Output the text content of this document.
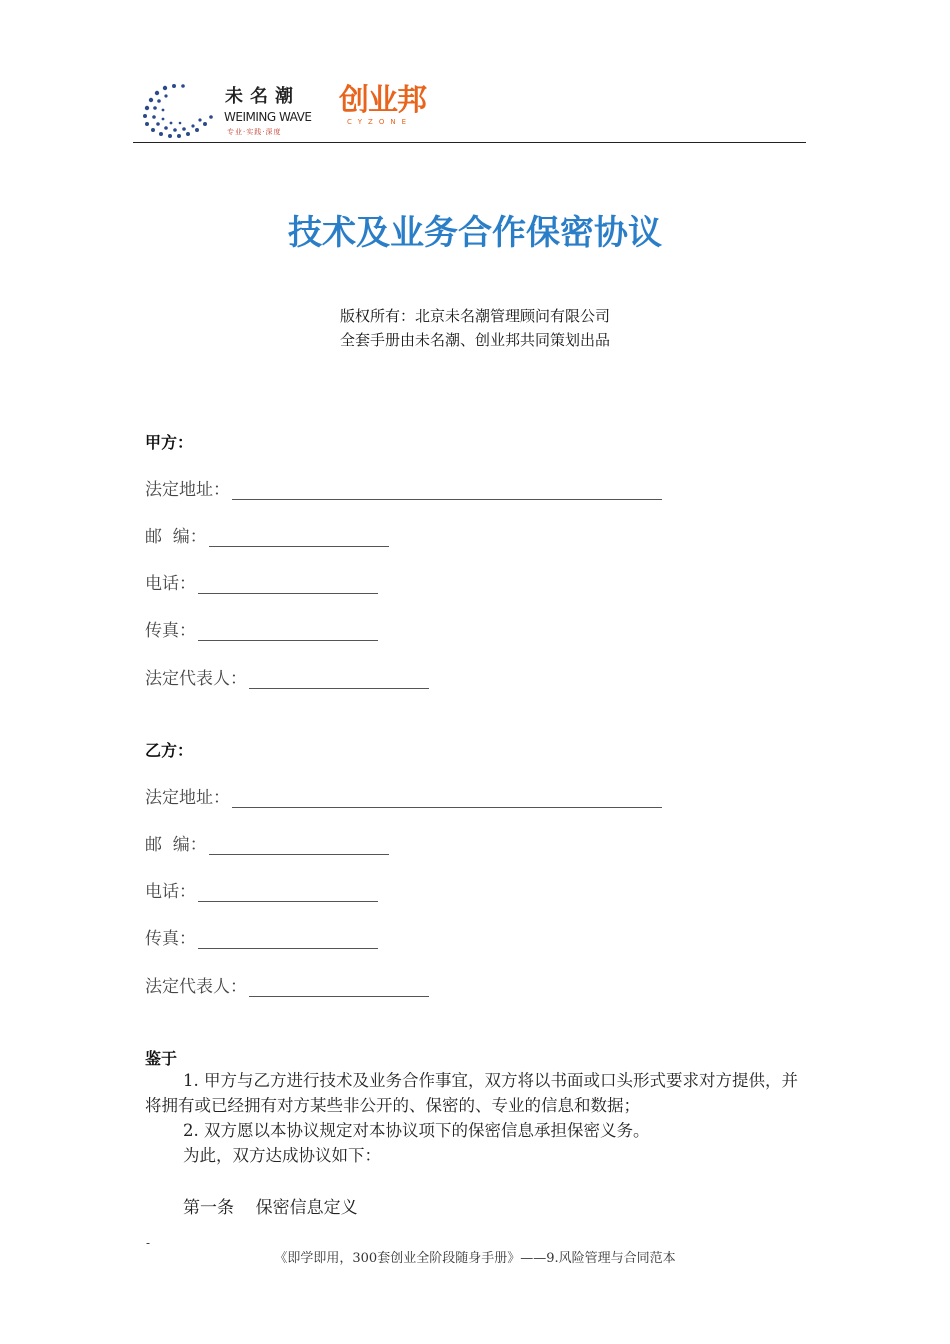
未名潮
WEIMING WAVE
专业·实践·深度
创业邦
CYZONE
技术及业务合作保密协议
版权所有：北京未名潮管理顾问有限公司
全套手册由未名潮、创业邦共同策划出品
甲方：
法定地址：
邮  编：
电话：
传真：
法定代表人：
乙方：
法定地址：
邮  编：
电话：
传真：
法定代表人：
鉴于
1. 甲方与乙方进行技术及业务合作事宜，双方将以书面或口头形式要求对方提供，并将拥有或已经拥有对方某些非公开的、保密的、专业的信息和数据；
2. 双方愿以本协议规定对本协议项下的保密信息承担保密义务。
为此，双方达成协议如下：
第一条    保密信息定义
-
《即学即用，300套创业全阶段随身手册》——9.风险管理与合同范本
